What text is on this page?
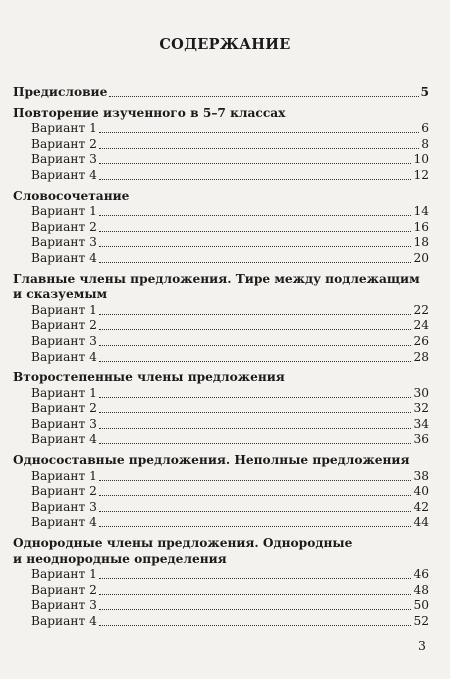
СОДЕРЖАНИЕ
Предисловие	5
Повторение изученного в 5–7 классах
Вариант 1	6
Вариант 2	8
Вариант 3	10
Вариант 4	12
Словосочетание
Вариант 1	14
Вариант 2	16
Вариант 3	18
Вариант 4	20
Главные члены предложения. Тире между подлежащим
и сказуемым
Вариант 1	22
Вариант 2	24
Вариант 3	26
Вариант 4	28
Второстепенные члены предложения
Вариант 1	30
Вариант 2	32
Вариант 3	34
Вариант 4	36
Односоставные предложения. Неполные предложения
Вариант 1	38
Вариант 2	40
Вариант 3	42
Вариант 4	44
Однородные члены предложения. Однородные
и неоднородные определения
Вариант 1	46
Вариант 2	48
Вариант 3	50
Вариант 4	52
3
